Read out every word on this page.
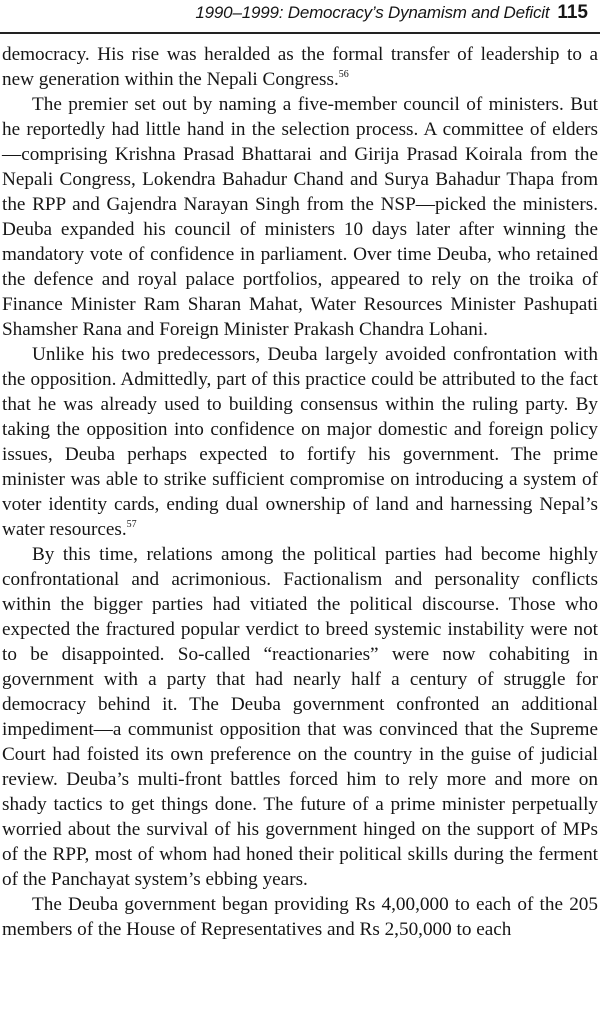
1990–1999: Democracy’s Dynamism and Deficit 115

democracy. His rise was heralded as the formal transfer of leadership to a new generation within the Nepali Congress.$^{56}$

The premier set out by naming a five-member council of ministers. But he reportedly had little hand in the selection process. A committee of elders—comprising Krishna Prasad Bhattarai and Girija Prasad Koirala from the Nepali Congress, Lokendra Bahadur Chand and Surya Bahadur Thapa from the RPP and Gajendra Narayan Singh from the NSP—picked the ministers. Deuba expanded his council of ministers 10 days later after winning the mandatory vote of confidence in parliament. Over time Deuba, who retained the defence and royal palace portfolios, appeared to rely on the troika of Finance Minister Ram Sharan Mahat, Water Resources Minister Pashupati Shamsher Rana and Foreign Minister Prakash Chandra Lohani.

Unlike his two predecessors, Deuba largely avoided confrontation with the opposition. Admittedly, part of this practice could be attributed to the fact that he was already used to building consensus within the ruling party. By taking the opposition into confidence on major domestic and foreign policy issues, Deuba perhaps expected to fortify his government. The prime minister was able to strike sufficient compromise on introducing a system of voter identity cards, ending dual ownership of land and harnessing Nepal’s water resources.$^{57}$

By this time, relations among the political parties had become highly confrontational and acrimonious. Factionalism and personality conflicts within the bigger parties had vitiated the political discourse. Those who expected the fractured popular verdict to breed systemic instability were not to be disappointed. So-called “reactionaries” were now cohabiting in government with a party that had nearly half a century of struggle for democracy behind it. The Deuba government confronted an additional impediment—a communist opposition that was convinced that the Supreme Court had foisted its own preference on the country in the guise of judicial review. Deuba’s multi-front battles forced him to rely more and more on shady tactics to get things done. The future of a prime minister perpetually worried about the survival of his government hinged on the support of MPs of the RPP, most of whom had honed their political skills during the ferment of the Panchayat system’s ebbing years.

The Deuba government began providing Rs 4,00,000 to each of the 205 members of the House of Representatives and Rs 2,50,000 to each
